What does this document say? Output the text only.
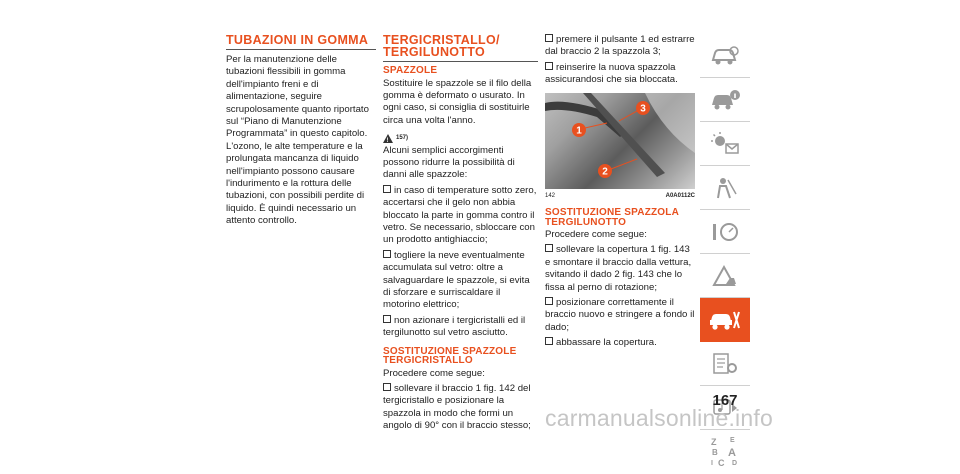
TUBAZIONI IN GOMMA

Per la manutenzione delle tubazioni flessibili in gomma dell'impianto freni e di alimentazione, seguire scrupolosamente quanto riportato sul “Piano di Manutenzione Programmata” in questo capitolo.

L'ozono, le alte temperature e la prolungata mancanza di liquido nell'impianto possono causare l'indurimento e la rottura delle tubazioni, con possibili perdite di liquido. È quindi necessario un attento controllo.

TERGICRISTALLO/ TERGILUNOTTO
SPAZZOLE

Sostituire le spazzole se il filo della gomma è deformato o usurato. In ogni caso, si consiglia di sostituirle circa una volta l'anno.

!
157)

Alcuni semplici accorgimenti possono ridurre la possibilità di danni alle spazzole:

in caso di temperature sotto zero, accertarsi che il gelo non abbia bloccato la parte in gomma contro il vetro. Se necessario, sbloccare con un prodotto antighiaccio;
togliere la neve eventualmente accumulata sul vetro: oltre a salvaguardare le spazzole, si evita di sforzare e surriscaldare il motorino elettrico;
non azionare i tergicristalli ed il tergilunotto sul vetro asciutto.
SOSTITUZIONE SPAZZOLE TERGICRISTALLO

Procedere come segue:

sollevare il braccio 1 fig. 142 del tergicristallo e posizionare la spazzola in modo che formi un angolo di 90° con il braccio stesso;
premere il pulsante 1 ed estrarre dal braccio 2 la spazzola 3;
reinserire la nuova spazzola assicurandosi che sia bloccata.
1
2
3
142	A0A0112C
SOSTITUZIONE SPAZZOLA TERGILUNOTTO

Procedere come segue:

sollevare la copertura 1 fig. 143 e smontare il braccio dalla vettura, svitando il dado 2 fig. 143 che lo fissa al perno di rotazione;
posizionare correttamente il braccio nuovo e stringere a fondo il dado;
abbassare la copertura.
Z E
B A
I C D
167
carmanualsonline.info
